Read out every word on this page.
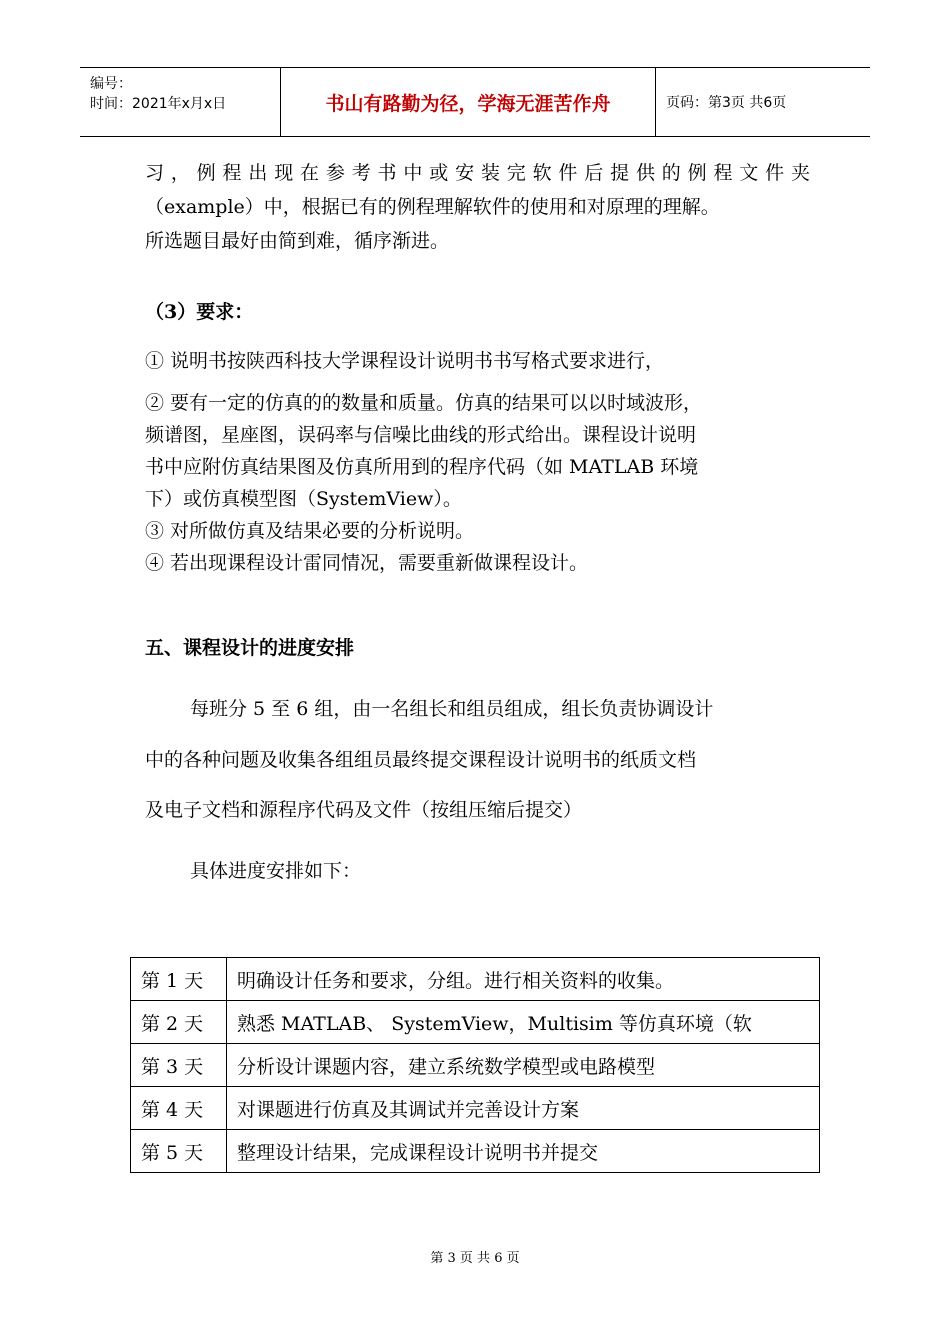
编号：
时间：2021年x月x日	书山有路勤为径，学海无涯苦作舟	页码：第3页 共6页

习，例程出现在参考书中或安装完软件后提供的例程文件夹

（example）中，根据已有的例程理解软件的使用和对原理的理解。

所选题目最好由简到难，循序渐进。

（3）要求：

① 说明书按陕西科技大学课程设计说明书书写格式要求进行，

② 要有一定的仿真的的数量和质量。仿真的结果可以以时域波形，

频谱图，星座图，误码率与信噪比曲线的形式给出。课程设计说明

书中应附仿真结果图及仿真所用到的程序代码（如 MATLAB 环境

下）或仿真模型图（SystemView）。

③ 对所做仿真及结果必要的分析说明。

④ 若出现课程设计雷同情况，需要重新做课程设计。

五、课程设计的进度安排

每班分 5 至 6 组，由一名组长和组员组成，组长负责协调设计

中的各种问题及收集各组组员最终提交课程设计说明书的纸质文档

及电子文档和源程序代码及文件（按组压缩后提交）

具体进度安排如下：

第 1 天	明确设计任务和要求，分组。进行相关资料的收集。
第 2 天	熟悉 MATLAB、 SystemView，Multisim 等仿真环境（软
第 3 天	分析设计课题内容，建立系统数学模型或电路模型
第 4 天	对课题进行仿真及其调试并完善设计方案
第 5 天	整理设计结果，完成课程设计说明书并提交
第 3 页 共 6 页
